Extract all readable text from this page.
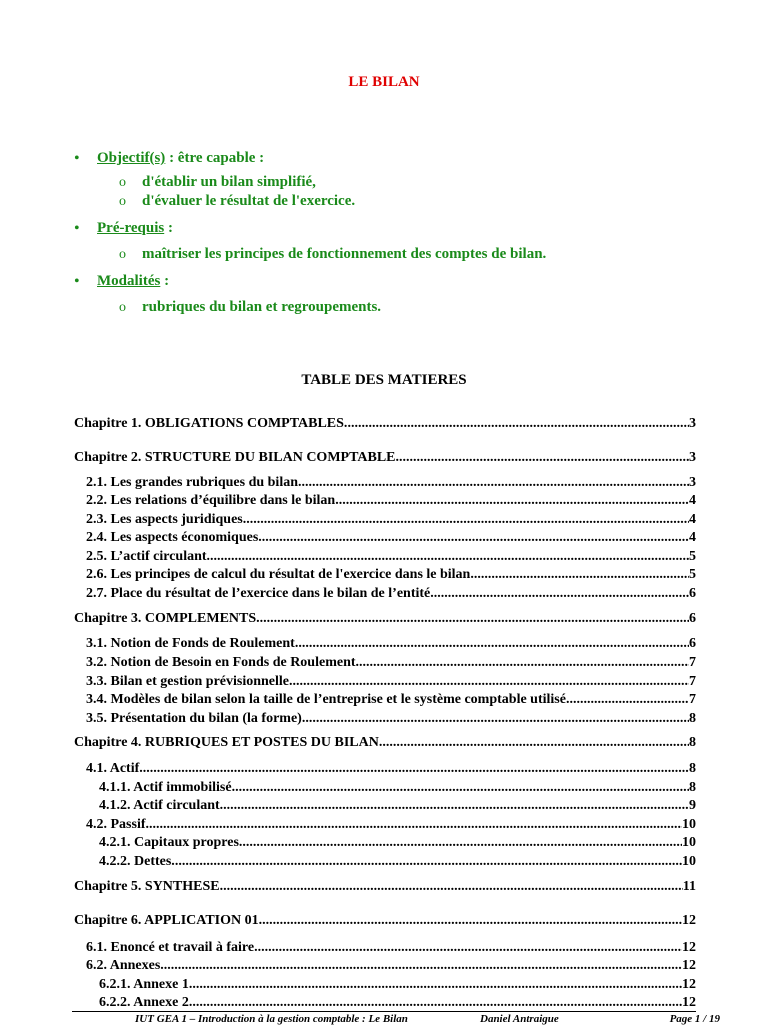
LE BILAN
• Objectif(s) : être capable :
o d'établir un bilan simplifié,
o d'évaluer le résultat de l'exercice.
• Pré-requis :
o maîtriser les principes de fonctionnement des comptes de bilan.
• Modalités :
o rubriques du bilan et regroupements.
TABLE DES MATIERES
Chapitre 1. OBLIGATIONS COMPTABLES. .....	3
Chapitre 2. STRUCTURE DU BILAN COMPTABLE. .....	3
2.1. Les grandes rubriques du bilan. .....	3
2.2. Les relations d’équilibre dans le bilan. .....	4
2.3. Les aspects juridiques. .....	4
2.4. Les aspects économiques. .....	4
2.5. L’actif circulant. .....	5
2.6. Les principes de calcul du résultat de l'exercice dans le bilan. .....	5
2.7. Place du résultat de l’exercice dans le bilan de l’entité. .....	6
Chapitre 3. COMPLEMENTS .....	6
3.1. Notion de Fonds de Roulement. .....	6
3.2. Notion de Besoin en Fonds de Roulement. .....	7
3.3. Bilan et gestion prévisionnelle. .....	7
3.4. Modèles de bilan selon la taille de l’entreprise et le système comptable utilisé. .....	7
3.5. Présentation du bilan (la forme). .....	8
Chapitre 4. RUBRIQUES ET POSTES DU BILAN. .....	8
4.1. Actif. .....	8
4.1.1. Actif immobilisé. .....	8
4.1.2. Actif circulant. .....	9
4.2. Passif. .....	10
4.2.1. Capitaux propres. .....	10
4.2.2. Dettes. .....	10
Chapitre 5. SYNTHESE. .....	11
Chapitre 6. APPLICATION 01. .....	12
6.1. Enoncé et travail à faire. .....	12
6.2. Annexes. .....	12
6.2.1. Annexe 1. .....	12
6.2.2. Annexe 2. .....	12
IUT GEA 1 – Introduction à la gestion comptable : Le Bilan	Daniel Antraigue	Page 1 / 19
